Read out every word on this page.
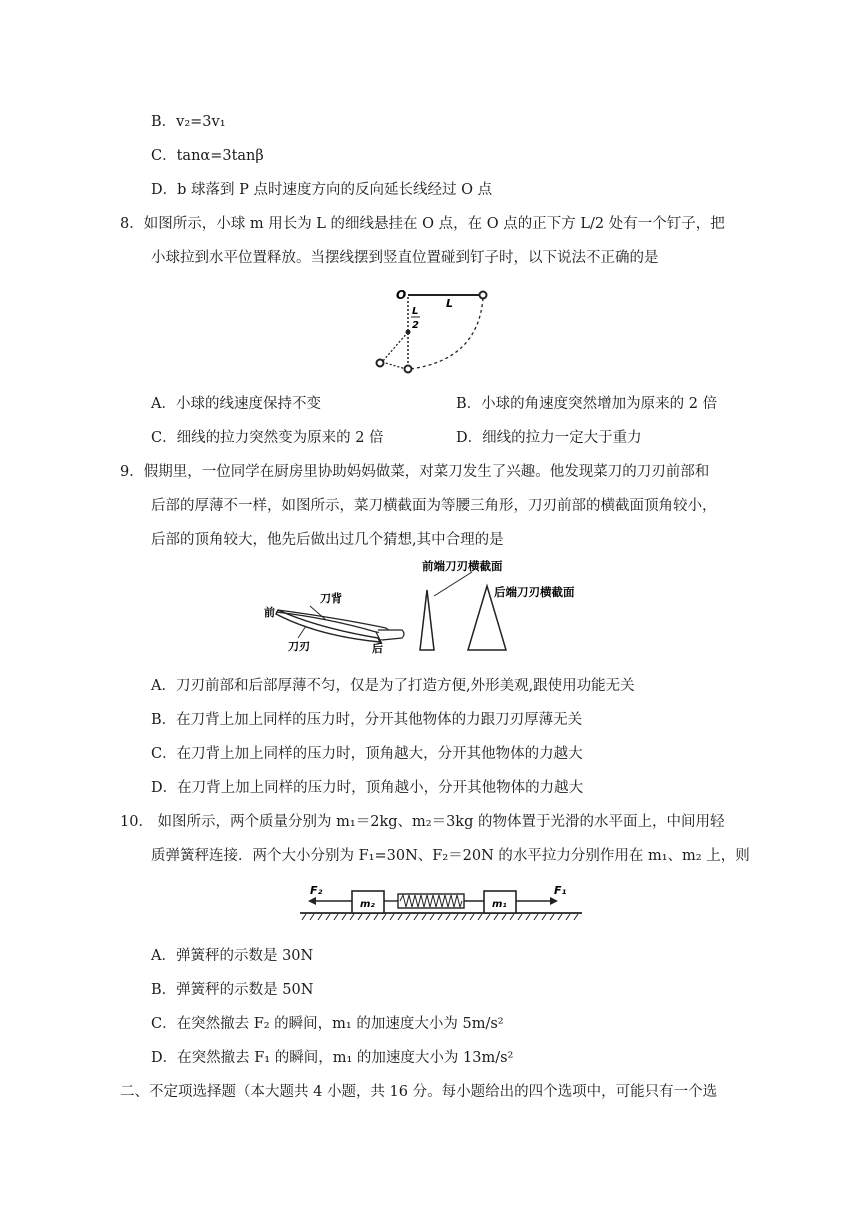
B．v₂=3v₁
C．tanα=3tanβ
D．b 球落到 P 点时速度方向的反向延长线经过 O 点
8．如图所示，小球 m 用长为 L 的细线悬挂在 O 点，在 O 点的正下方 L/2 处有一个钉子，把
小球拉到水平位置释放。当摆线摆到竖直位置碰到钉子时，以下说法不正确的是
O
L
L
2
A．小球的线速度保持不变	B．小球的角速度突然增加为原来的 2 倍
C．细线的拉力突然变为原来的 2 倍	D．细线的拉力一定大于重力
9．假期里，一位同学在厨房里协助妈妈做菜，对菜刀发生了兴趣。他发现菜刀的刀刃前部和
后部的厚薄不一样，如图所示，菜刀横截面为等腰三角形，刀刃前部的横截面顶角较小，
后部的顶角较大，他先后做出过几个猜想,其中合理的是
刀背
前
刀刃	后
前端刀刃横截面
后端刀刃横截面
A．刀刃前部和后部厚薄不匀，仅是为了打造方便,外形美观,跟使用功能无关
B．在刀背上加上同样的压力时，分开其他物体的力跟刀刃厚薄无关
C．在刀背上加上同样的压力时，顶角越大，分开其他物体的力越大
D．在刀背上加上同样的压力时，顶角越小，分开其他物体的力越大
10． 如图所示，两个质量分别为 m₁＝2kg、m₂＝3kg 的物体置于光滑的水平面上，中间用轻
质弹簧秤连接．两个大小分别为 F₁=30N、F₂＝20N 的水平拉力分别作用在 m₁、m₂ 上，则
F₂
m₂	m₁
F₁
A．弹簧秤的示数是 30N
B．弹簧秤的示数是 50N
C．在突然撤去 F₂ 的瞬间，m₁ 的加速度大小为 5m/s²
D．在突然撤去 F₁ 的瞬间，m₁ 的加速度大小为 13m/s²
二、不定项选择题（本大题共 4 小题，共 16 分。每小题给出的四个选项中，可能只有一个选
